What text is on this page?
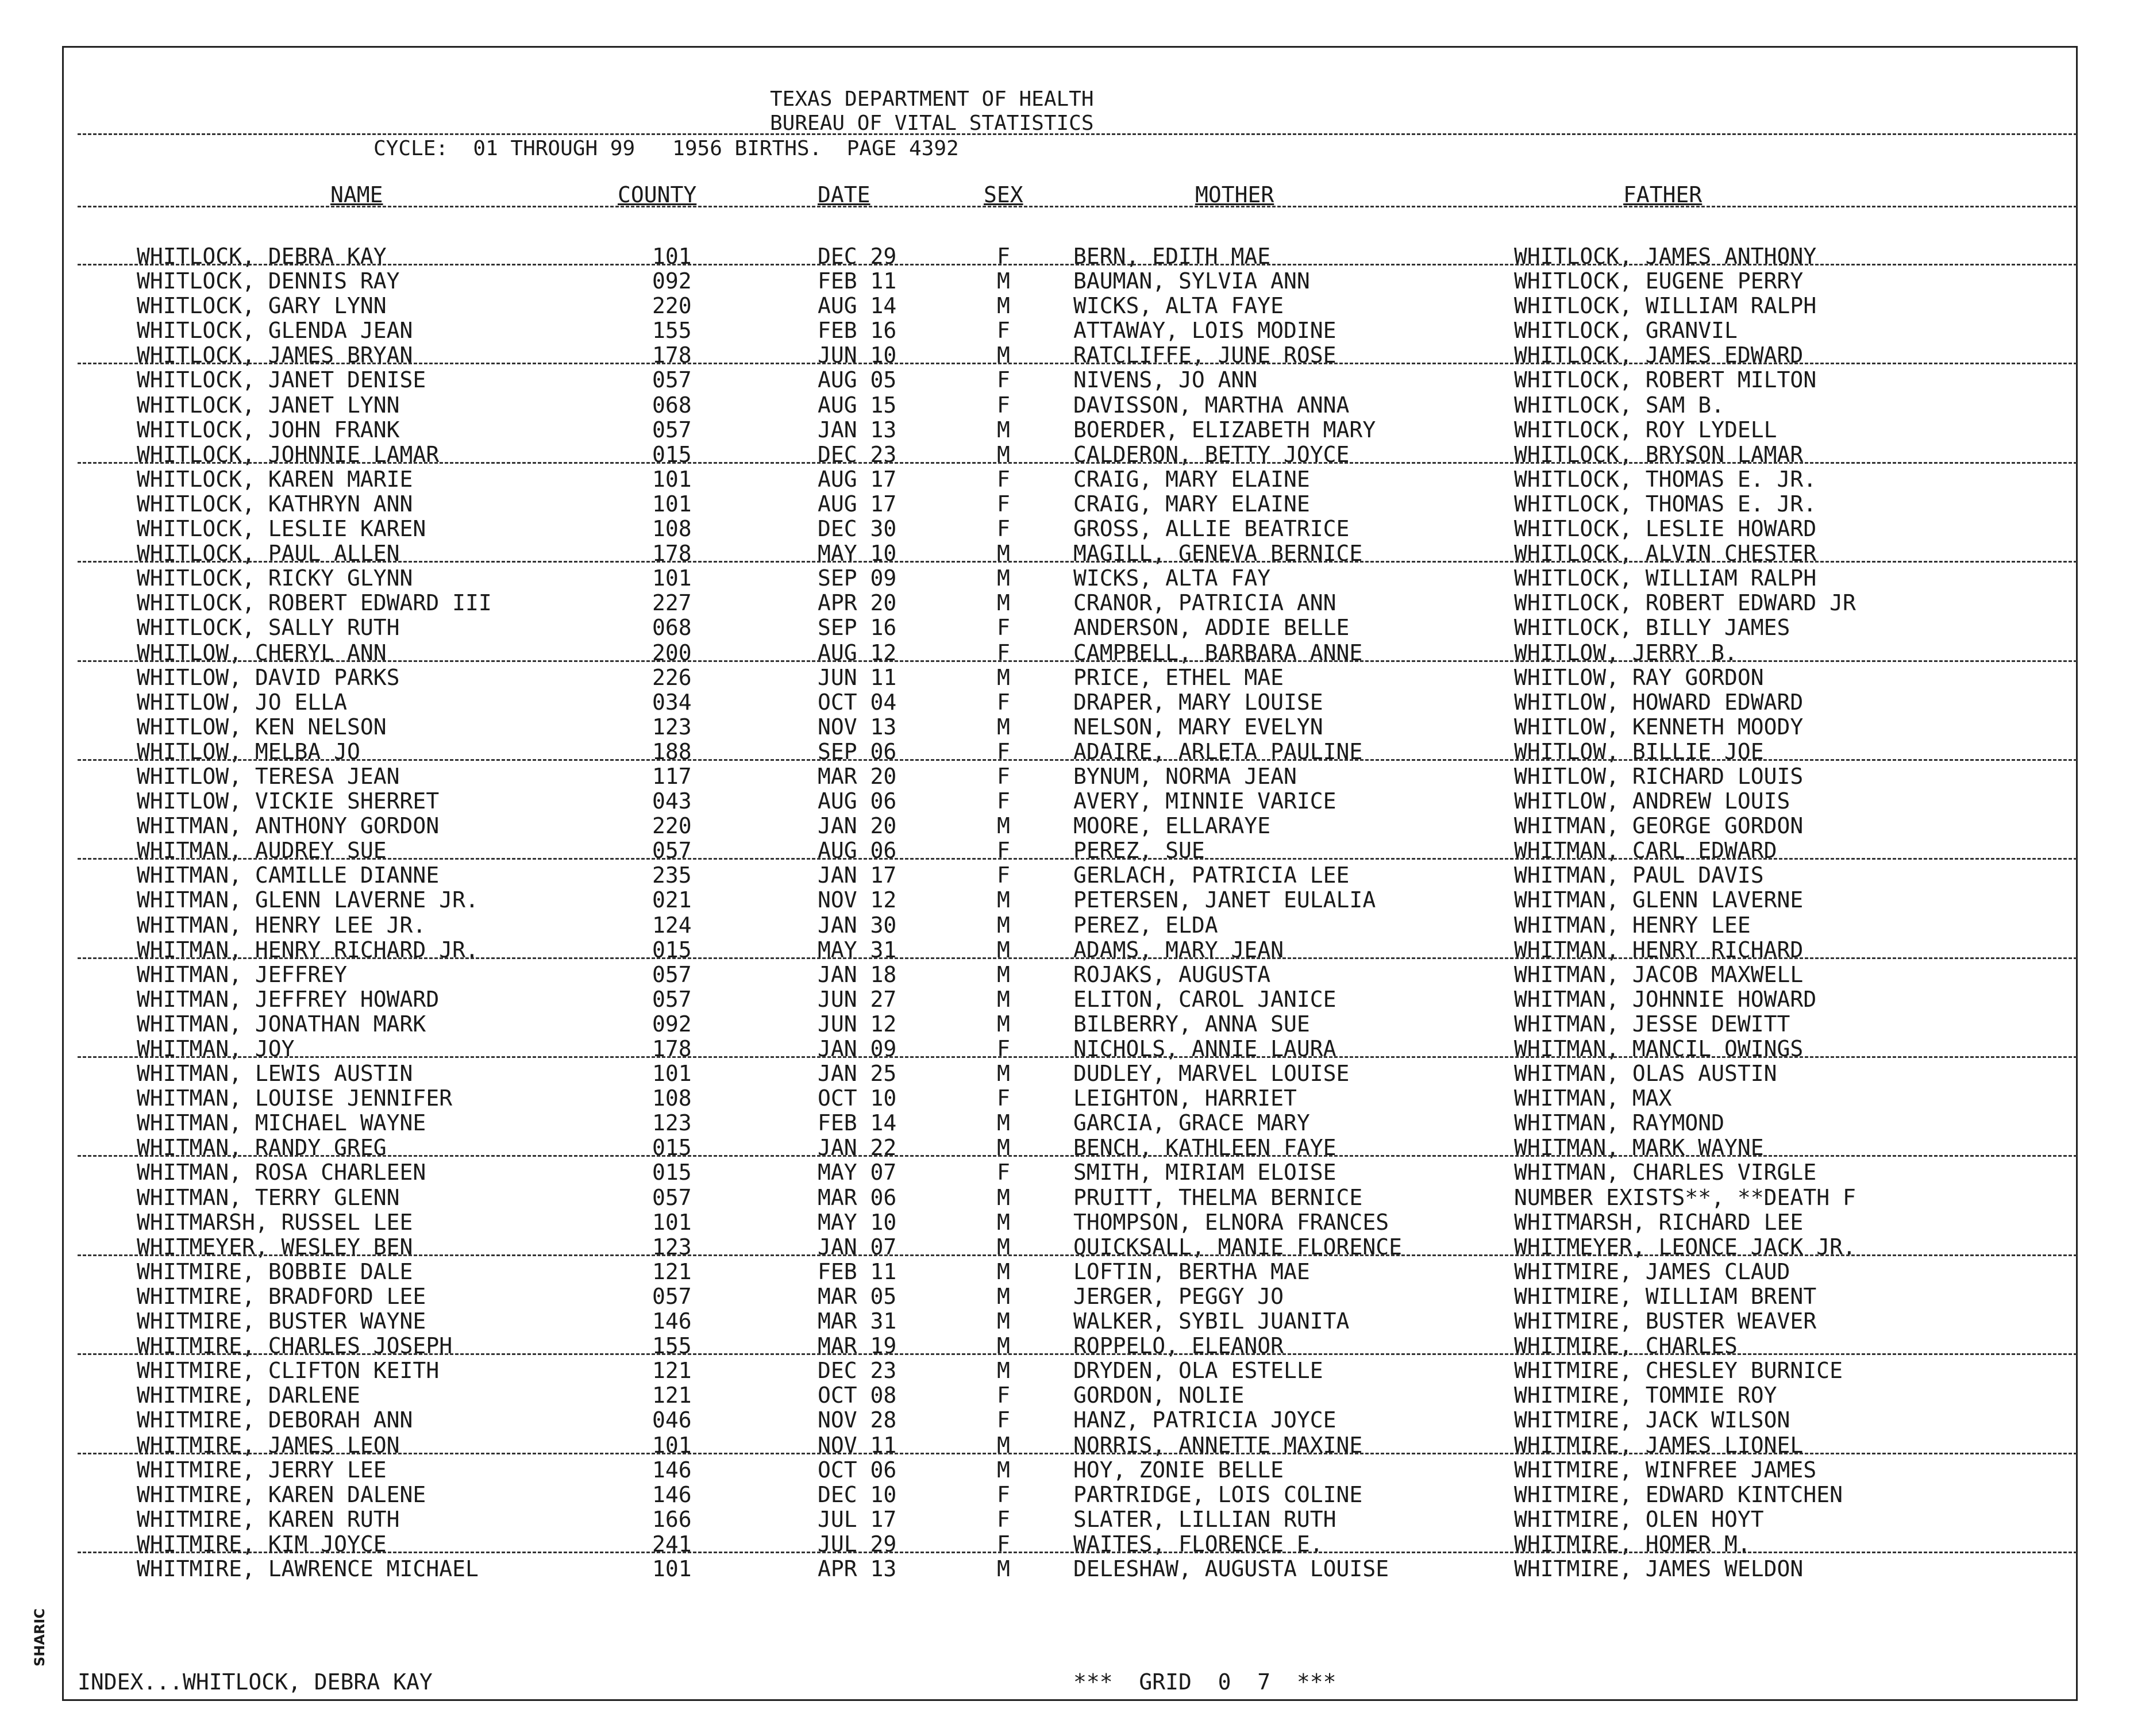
TEXAS DEPARTMENT OF HEALTH
BUREAU OF VITAL STATISTICS
CYCLE:  01 THROUGH 99   1956 BIRTHS.  PAGE 4392
NAME	COUNTY	DATE	SEX	MOTHER	FATHER
WHITLOCK, DEBRA KAY	101	DEC 29	F	BERN, EDITH MAE	WHITLOCK, JAMES ANTHONY
WHITLOCK, DENNIS RAY	092	FEB 11	M	BAUMAN, SYLVIA ANN	WHITLOCK, EUGENE PERRY
WHITLOCK, GARY LYNN	220	AUG 14	M	WICKS, ALTA FAYE	WHITLOCK, WILLIAM RALPH
WHITLOCK, GLENDA JEAN	155	FEB 16	F	ATTAWAY, LOIS MODINE	WHITLOCK, GRANVIL
WHITLOCK, JAMES BRYAN	178	JUN 10	M	RATCLIFFE, JUNE ROSE	WHITLOCK, JAMES EDWARD
WHITLOCK, JANET DENISE	057	AUG 05	F	NIVENS, JO ANN	WHITLOCK, ROBERT MILTON
WHITLOCK, JANET LYNN	068	AUG 15	F	DAVISSON, MARTHA ANNA	WHITLOCK, SAM B.
WHITLOCK, JOHN FRANK	057	JAN 13	M	BOERDER, ELIZABETH MARY	WHITLOCK, ROY LYDELL
WHITLOCK, JOHNNIE LAMAR	015	DEC 23	M	CALDERON, BETTY JOYCE	WHITLOCK, BRYSON LAMAR
WHITLOCK, KAREN MARIE	101	AUG 17	F	CRAIG, MARY ELAINE	WHITLOCK, THOMAS E. JR.
WHITLOCK, KATHRYN ANN	101	AUG 17	F	CRAIG, MARY ELAINE	WHITLOCK, THOMAS E. JR.
WHITLOCK, LESLIE KAREN	108	DEC 30	F	GROSS, ALLIE BEATRICE	WHITLOCK, LESLIE HOWARD
WHITLOCK, PAUL ALLEN	178	MAY 10	M	MAGILL, GENEVA BERNICE	WHITLOCK, ALVIN CHESTER
WHITLOCK, RICKY GLYNN	101	SEP 09	M	WICKS, ALTA FAY	WHITLOCK, WILLIAM RALPH
WHITLOCK, ROBERT EDWARD III	227	APR 20	M	CRANOR, PATRICIA ANN	WHITLOCK, ROBERT EDWARD JR
WHITLOCK, SALLY RUTH	068	SEP 16	F	ANDERSON, ADDIE BELLE	WHITLOCK, BILLY JAMES
WHITLOW, CHERYL ANN	200	AUG 12	F	CAMPBELL, BARBARA ANNE	WHITLOW, JERRY B.
WHITLOW, DAVID PARKS	226	JUN 11	M	PRICE, ETHEL MAE	WHITLOW, RAY GORDON
WHITLOW, JO ELLA	034	OCT 04	F	DRAPER, MARY LOUISE	WHITLOW, HOWARD EDWARD
WHITLOW, KEN NELSON	123	NOV 13	M	NELSON, MARY EVELYN	WHITLOW, KENNETH MOODY
WHITLOW, MELBA JO	188	SEP 06	F	ADAIRE, ARLETA PAULINE	WHITLOW, BILLIE JOE
WHITLOW, TERESA JEAN	117	MAR 20	F	BYNUM, NORMA JEAN	WHITLOW, RICHARD LOUIS
WHITLOW, VICKIE SHERRET	043	AUG 06	F	AVERY, MINNIE VARICE	WHITLOW, ANDREW LOUIS
WHITMAN, ANTHONY GORDON	220	JAN 20	M	MOORE, ELLARAYE	WHITMAN, GEORGE GORDON
WHITMAN, AUDREY SUE	057	AUG 06	F	PEREZ, SUE	WHITMAN, CARL EDWARD
WHITMAN, CAMILLE DIANNE	235	JAN 17	F	GERLACH, PATRICIA LEE	WHITMAN, PAUL DAVIS
WHITMAN, GLENN LAVERNE JR.	021	NOV 12	M	PETERSEN, JANET EULALIA	WHITMAN, GLENN LAVERNE
WHITMAN, HENRY LEE JR.	124	JAN 30	M	PEREZ, ELDA	WHITMAN, HENRY LEE
WHITMAN, HENRY RICHARD JR.	015	MAY 31	M	ADAMS, MARY JEAN	WHITMAN, HENRY RICHARD
WHITMAN, JEFFREY	057	JAN 18	M	ROJAKS, AUGUSTA	WHITMAN, JACOB MAXWELL
WHITMAN, JEFFREY HOWARD	057	JUN 27	M	ELITON, CAROL JANICE	WHITMAN, JOHNNIE HOWARD
WHITMAN, JONATHAN MARK	092	JUN 12	M	BILBERRY, ANNA SUE	WHITMAN, JESSE DEWITT
WHITMAN, JOY	178	JAN 09	F	NICHOLS, ANNIE LAURA	WHITMAN, MANCIL OWINGS
WHITMAN, LEWIS AUSTIN	101	JAN 25	M	DUDLEY, MARVEL LOUISE	WHITMAN, OLAS AUSTIN
WHITMAN, LOUISE JENNIFER	108	OCT 10	F	LEIGHTON, HARRIET	WHITMAN, MAX
WHITMAN, MICHAEL WAYNE	123	FEB 14	M	GARCIA, GRACE MARY	WHITMAN, RAYMOND
WHITMAN, RANDY GREG	015	JAN 22	M	BENCH, KATHLEEN FAYE	WHITMAN, MARK WAYNE
WHITMAN, ROSA CHARLEEN	015	MAY 07	F	SMITH, MIRIAM ELOISE	WHITMAN, CHARLES VIRGLE
WHITMAN, TERRY GLENN	057	MAR 06	M	PRUITT, THELMA BERNICE	NUMBER EXISTS**, **DEATH F
WHITMARSH, RUSSEL LEE	101	MAY 10	M	THOMPSON, ELNORA FRANCES	WHITMARSH, RICHARD LEE
WHITMEYER, WESLEY BEN	123	JAN 07	M	QUICKSALL, MANIE FLORENCE	WHITMEYER, LEONCE JACK JR.
WHITMIRE, BOBBIE DALE	121	FEB 11	M	LOFTIN, BERTHA MAE	WHITMIRE, JAMES CLAUD
WHITMIRE, BRADFORD LEE	057	MAR 05	M	JERGER, PEGGY JO	WHITMIRE, WILLIAM BRENT
WHITMIRE, BUSTER WAYNE	146	MAR 31	M	WALKER, SYBIL JUANITA	WHITMIRE, BUSTER WEAVER
WHITMIRE, CHARLES JOSEPH	155	MAR 19	M	ROPPELO, ELEANOR	WHITMIRE, CHARLES
WHITMIRE, CLIFTON KEITH	121	DEC 23	M	DRYDEN, OLA ESTELLE	WHITMIRE, CHESLEY BURNICE
WHITMIRE, DARLENE	121	OCT 08	F	GORDON, NOLIE	WHITMIRE, TOMMIE ROY
WHITMIRE, DEBORAH ANN	046	NOV 28	F	HANZ, PATRICIA JOYCE	WHITMIRE, JACK WILSON
WHITMIRE, JAMES LEON	101	NOV 11	M	NORRIS, ANNETTE MAXINE	WHITMIRE, JAMES LIONEL
WHITMIRE, JERRY LEE	146	OCT 06	M	HOY, ZONIE BELLE	WHITMIRE, WINFREE JAMES
WHITMIRE, KAREN DALENE	146	DEC 10	F	PARTRIDGE, LOIS COLINE	WHITMIRE, EDWARD KINTCHEN
WHITMIRE, KAREN RUTH	166	JUL 17	F	SLATER, LILLIAN RUTH	WHITMIRE, OLEN HOYT
WHITMIRE, KIM JOYCE	241	JUL 29	F	WAITES, FLORENCE E.	WHITMIRE, HOMER M.
WHITMIRE, LAWRENCE MICHAEL	101	APR 13	M	DELESHAW, AUGUSTA LOUISE	WHITMIRE, JAMES WELDON
INDEX...WHITLOCK, DEBRA KAY	***  GRID  0  7  ***
SHARIC
